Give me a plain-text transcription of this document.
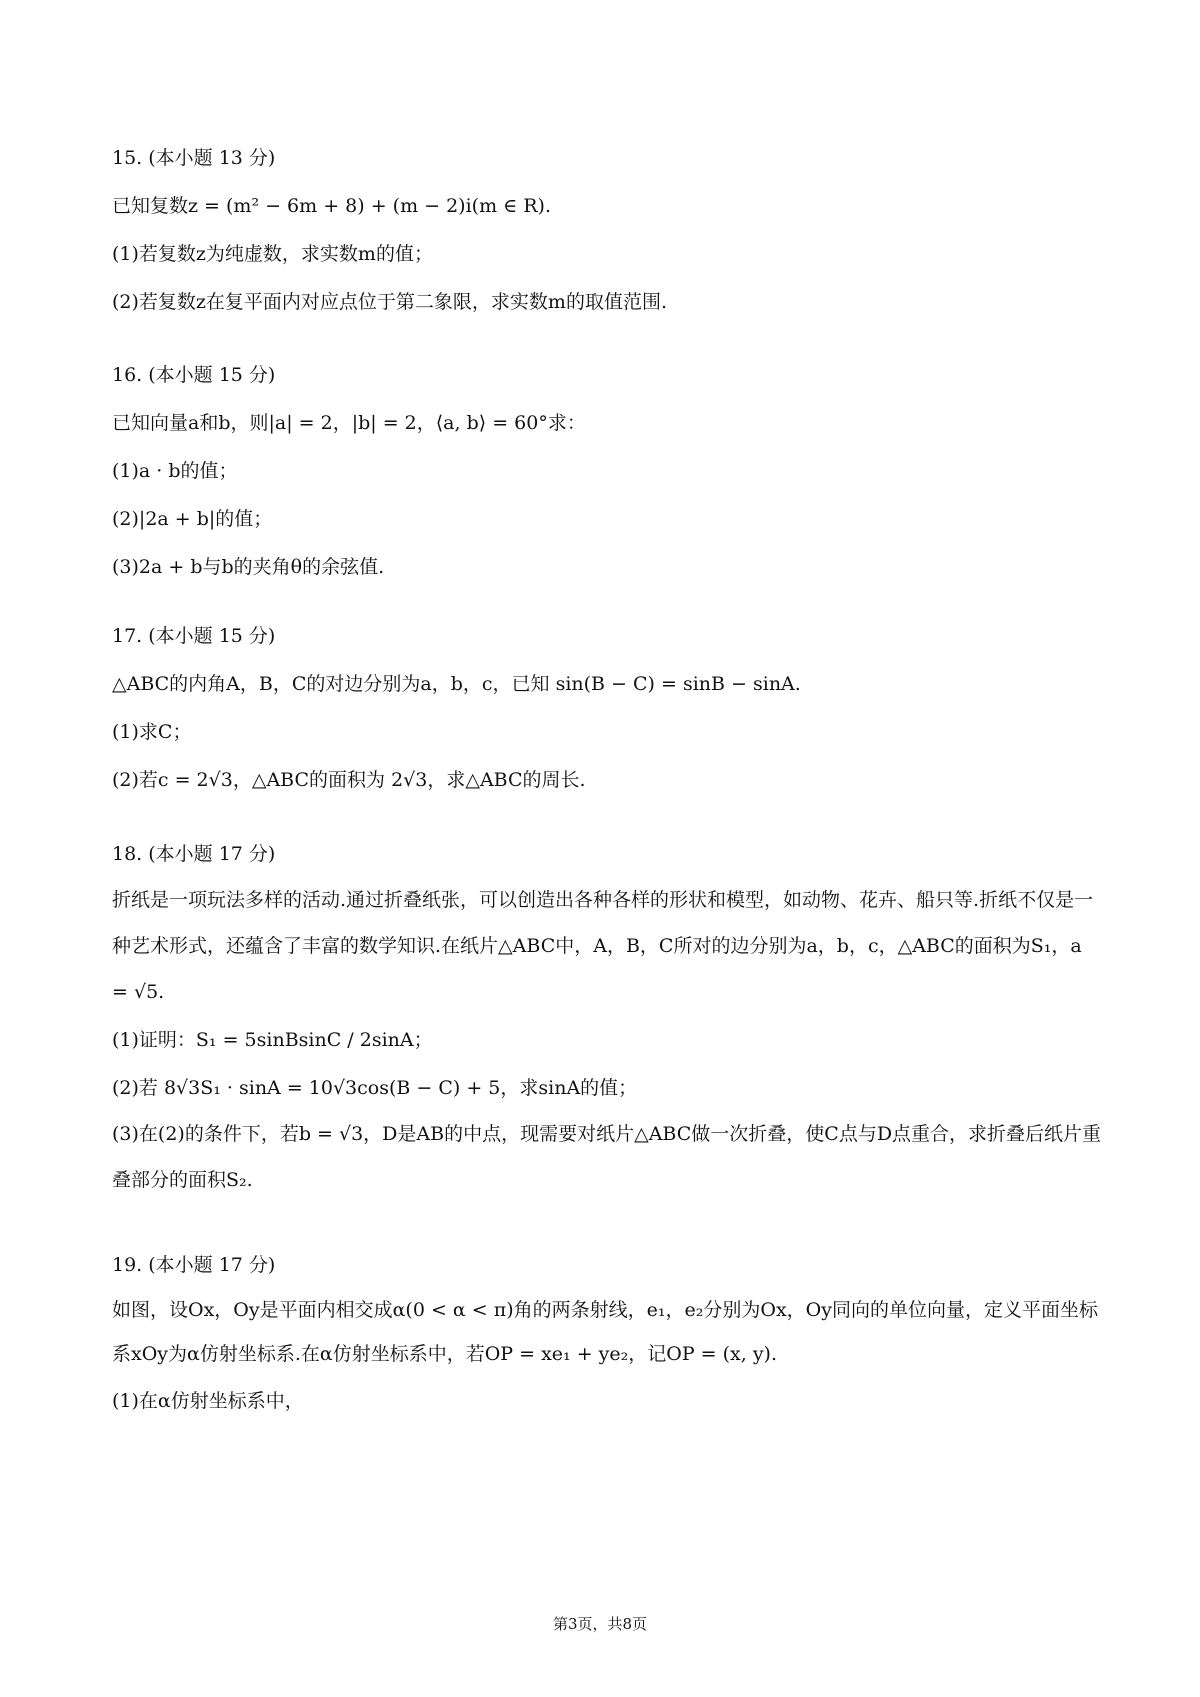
15. (本小题 13 分)

已知复数z = (m² − 6m + 8) + (m − 2)i(m ∈ R).

(1)若复数z为纯虚数，求实数m的值；

(2)若复数z在复平面内对应点位于第二象限，求实数m的取值范围.

16. (本小题 15 分)

已知向量a和b，则|a| = 2，|b| = 2，⟨a, b⟩ = 60°求：

(1)a · b的值；

(2)|2a + b|的值；

(3)2a + b与b的夹角θ的余弦值.

17. (本小题 15 分)

△ABC的内角A，B，C的对边分别为a，b，c，已知 sin(B − C) = sinB − sinA.

(1)求C；

(2)若c = 2√3，△ABC的面积为 2√3，求△ABC的周长.

18. (本小题 17 分)

折纸是一项玩法多样的活动.通过折叠纸张，可以创造出各种各样的形状和模型，如动物、花卉、船只等.折纸不仅是一种艺术形式，还蕴含了丰富的数学知识.在纸片△ABC中，A，B，C所对的边分别为a，b，c，△ABC的面积为S₁，a = √5.

(1)证明：S₁ = 5sinBsinC / 2sinA；

(2)若 8√3S₁ · sinA = 10√3cos(B − C) + 5，求sinA的值；

(3)在(2)的条件下，若b = √3，D是AB的中点，现需要对纸片△ABC做一次折叠，使C点与D点重合，求折叠后纸片重叠部分的面积S₂.

19. (本小题 17 分)

如图，设Ox，Oy是平面内相交成α(0 < α < π)角的两条射线，e₁，e₂分别为Ox，Oy同向的单位向量，定义平面坐标系xOy为α仿射坐标系.在α仿射坐标系中，若OP = xe₁ + ye₂，记OP = (x, y).

(1)在α仿射坐标系中，

第3页，共8页
